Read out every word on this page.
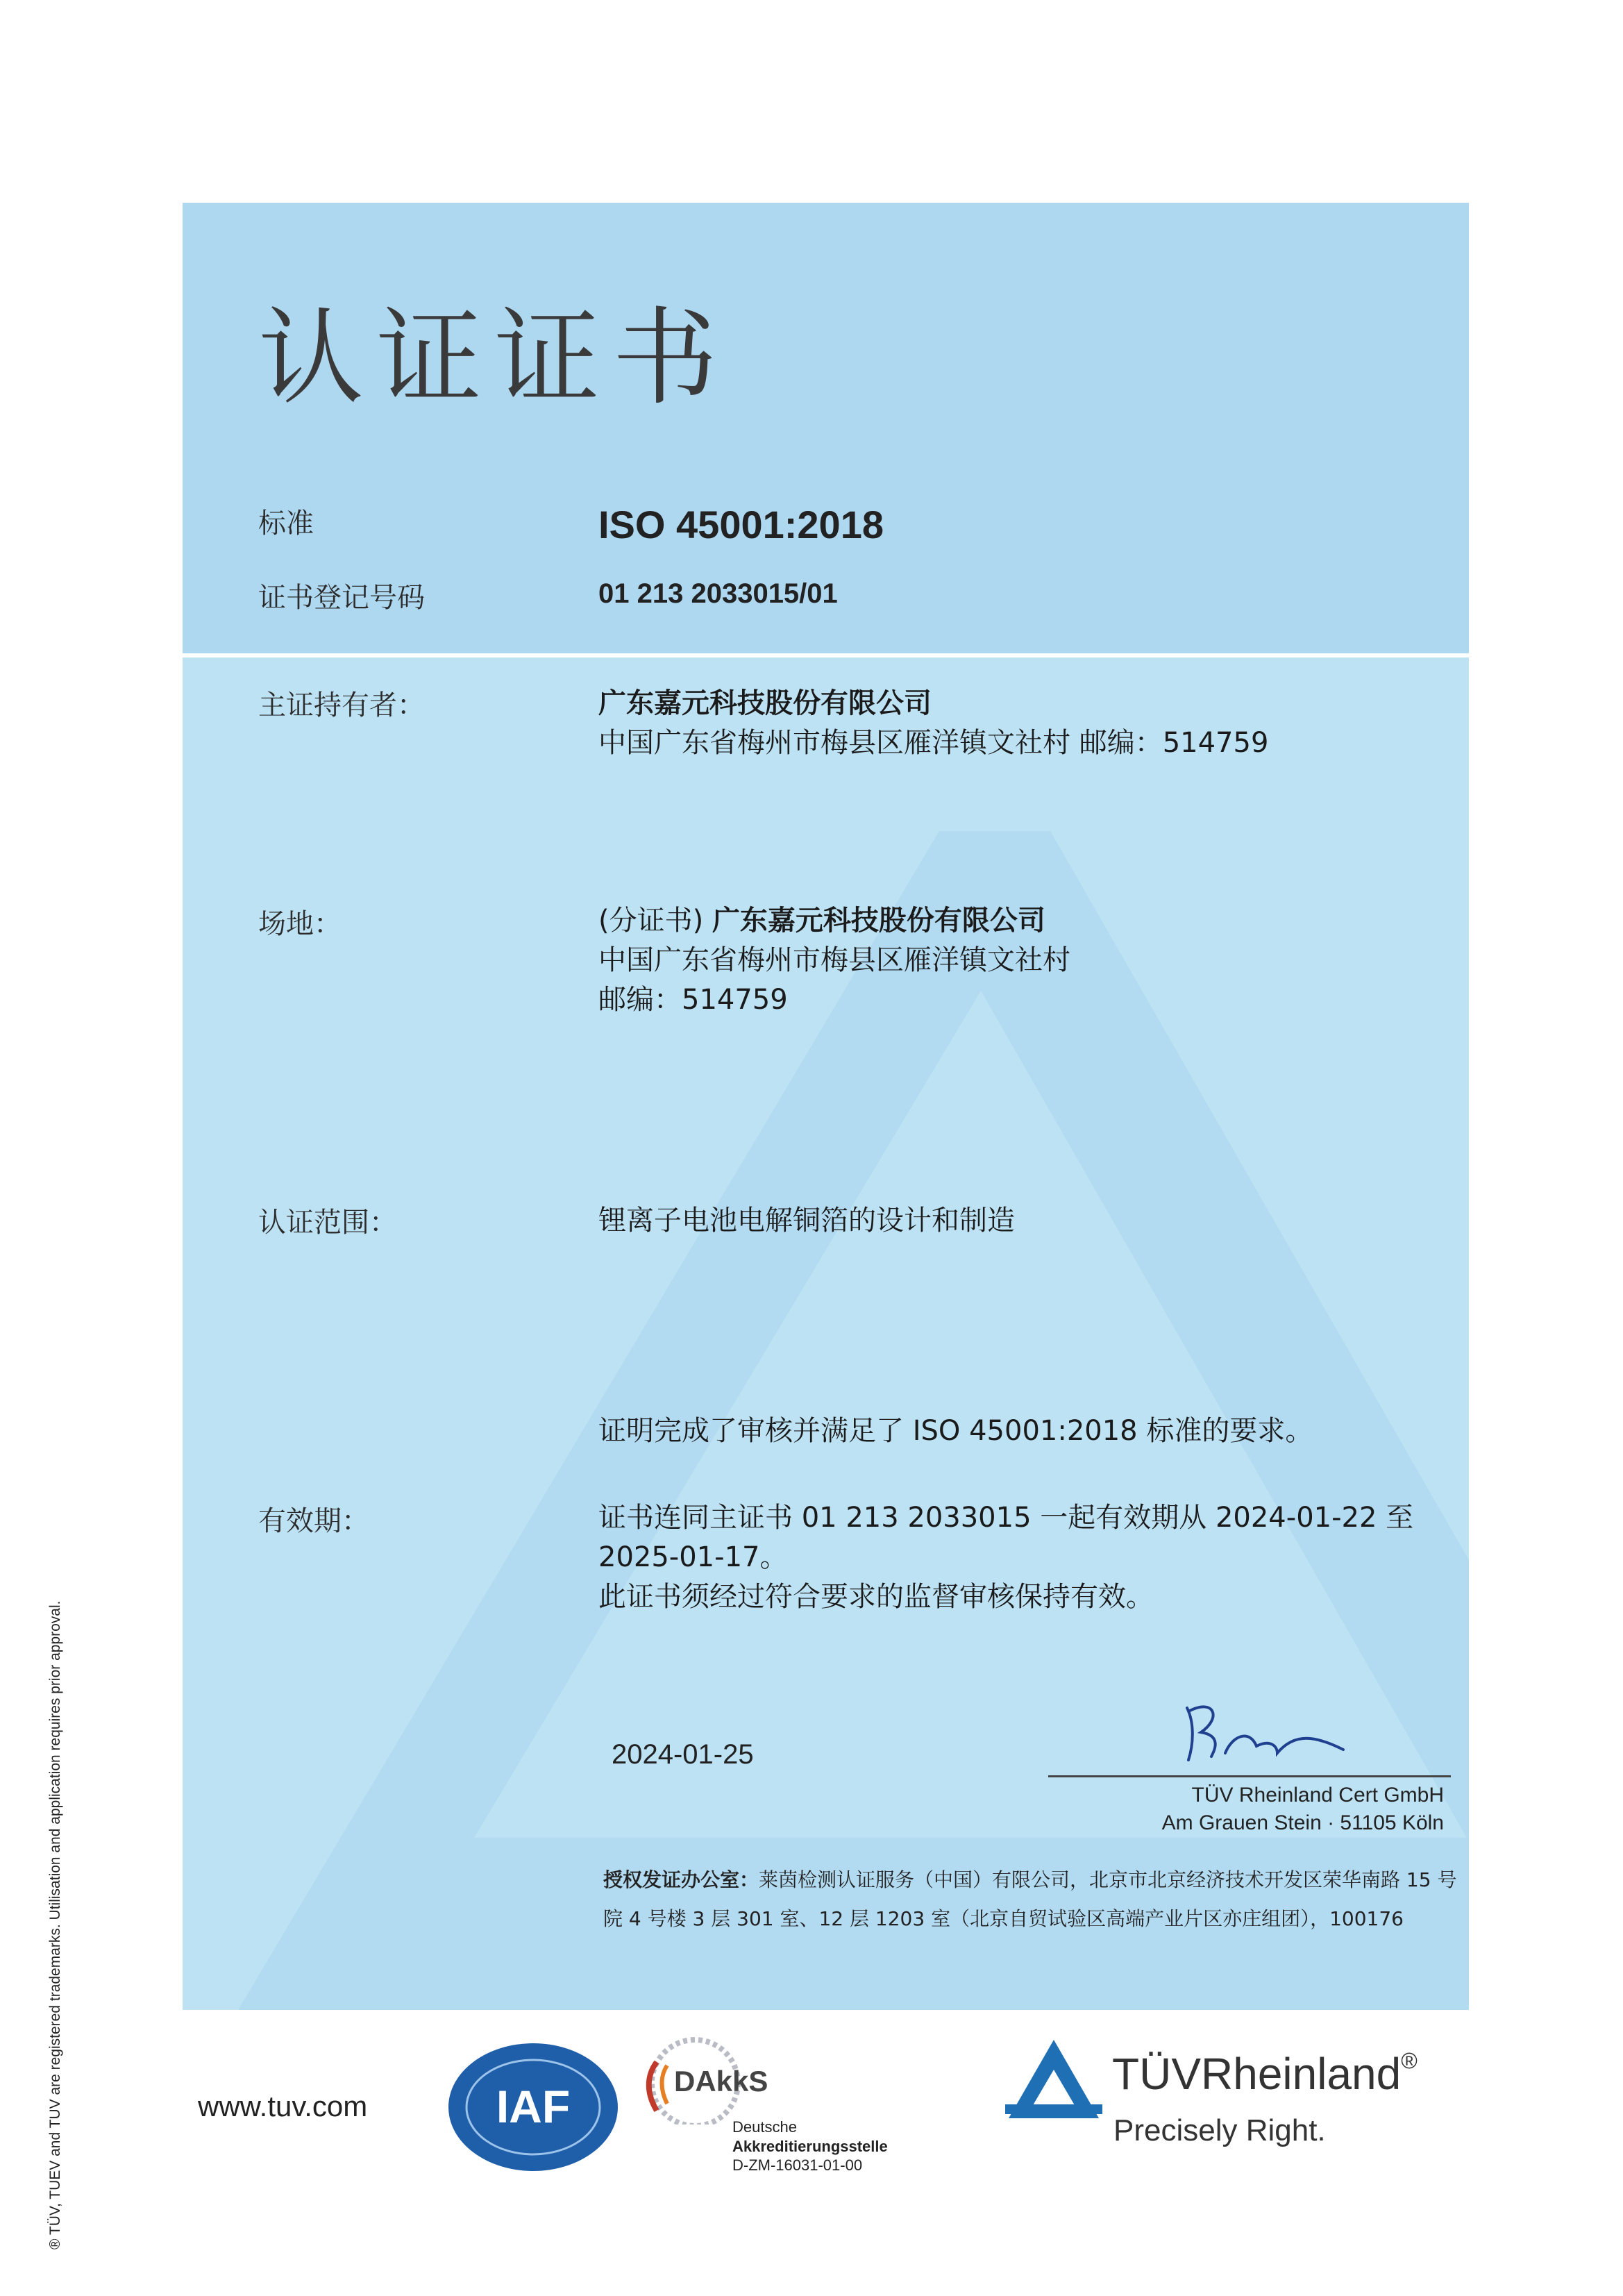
认证证书
标准	ISO 45001:2018
证书登记号码	01 213 2033015/01
主证持有者：	广东嘉元科技股份有限公司
中国广东省梅州市梅县区雁洋镇文社村 邮编：514759
场地：	(分证书) 广东嘉元科技股份有限公司
中国广东省梅州市梅县区雁洋镇文社村
邮编：514759
认证范围：	锂离子电池电解铜箔的设计和制造
证明完成了审核并满足了 ISO 45001:2018 标准的要求。
有效期：	证书连同主证书 01 213 2033015 一起有效期从 2024-01-22 至
2025-01-17。
此证书须经过符合要求的监督审核保持有效。
2024-01-25
TÜV Rheinland Cert GmbH
Am Grauen Stein · 51105 Köln
授权发证办公室：莱茵检测认证服务（中国）有限公司，北京市北京经济技术开发区荣华南路 15 号院 4 号楼 3 层 301 室、12 层 1203 室（北京自贸试验区高端产业片区亦庄组团），100176
® TÜV, TUEV and TUV are registered trademarks. Utilisation and application requires prior approval.	www.tuv.com	IAF	DAkkS
Deutsche
Akkreditierungsstelle
D-ZM-16031-01-00
TÜVRheinland®
Precisely Right.
